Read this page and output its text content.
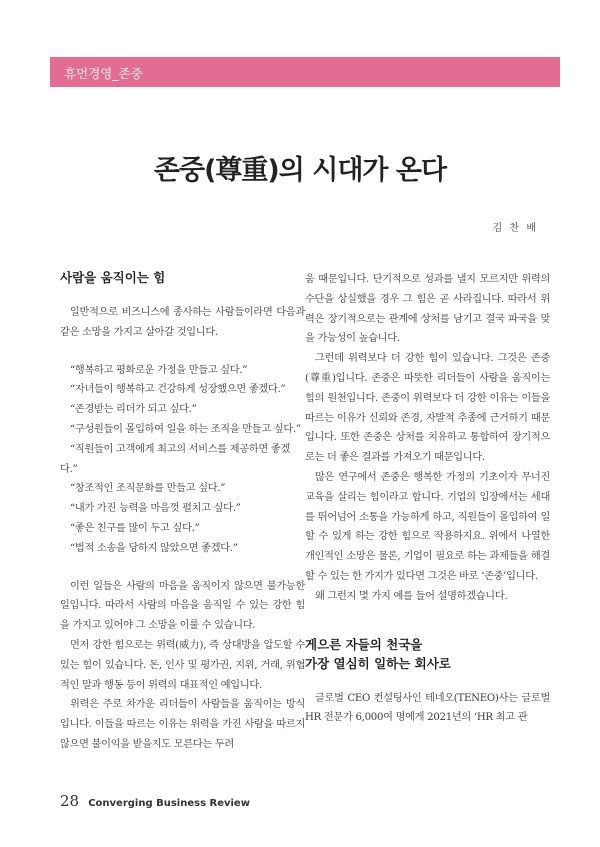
휴먼경영_존중
존중(尊重)의 시대가 온다
김 찬 배
사람을 움직이는 힘

일반적으로 비즈니스에 종사하는 사람들이라면 다음과 같은 소망을 가지고 살아갈 것입니다.

“행복하고 평화로운 가정을 만들고 싶다.”
“자녀들이 행복하고 건강하게 성장했으면 좋겠다.”
“존경받는 리더가 되고 싶다.”
“구성원들이 몰입하여 일을 하는 조직을 만들고 싶다.”
“직원들이 고객에게 최고의 서비스를 제공하면 좋겠다.”
“창조적인 조직문화를 만들고 싶다.”
“내가 가진 능력을 마음껏 펼치고 싶다.”
“좋은 친구를 많이 두고 싶다.”
“법적 소송을 당하지 않았으면 좋겠다.”

이런 일들은 사람의 마음을 움직이지 않으면 불가능한 일입니다. 따라서 사람의 마음을 움직일 수 있는 강한 힘을 가지고 있어야 그 소망을 이룰 수 있습니다.

먼저 강한 힘으로는 위력(威力), 즉 상대방을 압도할 수 있는 힘이 있습니다. 돈, 인사 및 평가권, 지위, 거래, 위협적인 말과 행동 등이 위력의 대표적인 예입니다.

위력은 주로 차가운 리더들이 사람들을 움직이는 방식입니다. 이들을 따르는 이유는 위력을 가진 사람을 따르지 않으면 불이익을 받을지도 모른다는 두려

움 때문입니다. 단기적으로 성과를 낼지 모르지만 위력의 수단을 상실했을 경우 그 힘은 곧 사라집니다. 따라서 위력은 장기적으로는 관계에 상처를 남기고 결국 파국을 맞을 가능성이 높습니다.

그런데 위력보다 더 강한 힘이 있습니다. 그것은 존중(尊重)입니다. 존중은 따뜻한 리더들이 사람을 움직이는 힘의 원천입니다. 존중이 위력보다 더 강한 이유는 이들을 따르는 이유가 신뢰와 존경, 자발적 추종에 근거하기 때문입니다. 또한 존중은 상처를 치유하고 통합하여 장기적으로는 더 좋은 결과를 가져오기 때문입니다.

많은 연구에서 존중은 행복한 가정의 기초이자 무너진 교육을 살리는 힘이라고 합니다. 기업의 입장에서는 세대를 뛰어넘어 소통을 가능하게 하고, 직원들이 몰입하여 일할 수 있게 하는 강한 힘으로 작용하지요. 위에서 나열한 개인적인 소망은 물론, 기업이 필요로 하는 과제들을 해결할 수 있는 한 가지가 있다면 그것은 바로 ‘존중’입니다.

왜 그런지 몇 가지 예를 들어 설명하겠습니다.

게으른 자들의 천국을
가장 열심히 일하는 회사로

글로벌 CEO 컨설팅사인 테네오(TENEO)사는 글로벌 HR 전문가 6,000여 명에게 2021년의 ‘HR 최고 관

28 Converging Business Review
